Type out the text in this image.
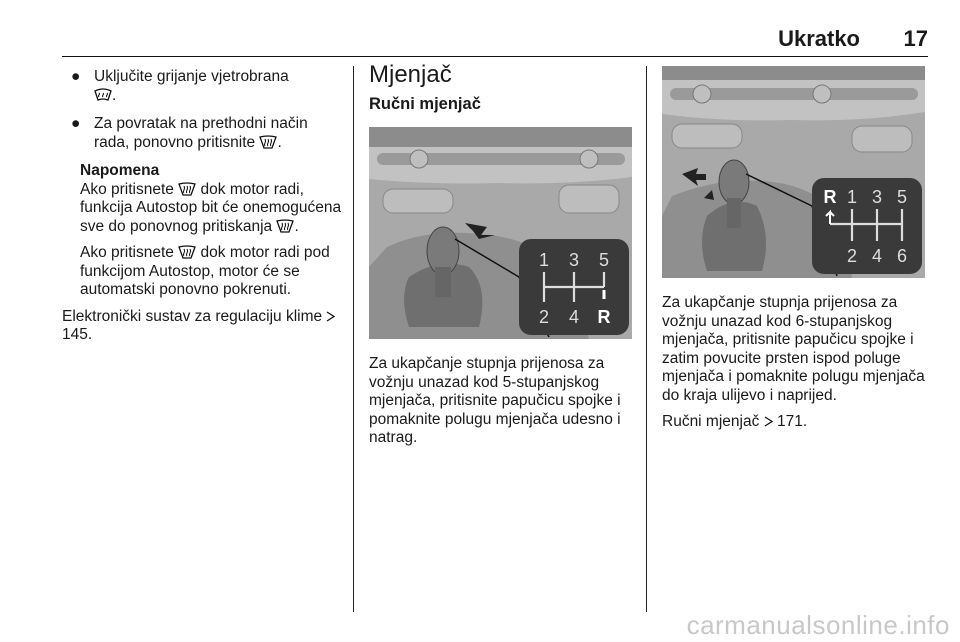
Ukratko	17
● Uključite grijanje vjetrobrana
.
● Za povratak na prethodni način rada, ponovno pritisnite .
Napomena
Ako pritisnete dok motor radi, funkcija Autostop bit će onemogućena sve do ponovnog pritiskanja .
Ako pritisnete dok motor radi pod funkcijom Autostop, motor će se automatski ponovno pokrenuti.
Elektronički sustav za regulaciju klime  145.
Mjenjač
Ručni mjenjač
1 3 5
2 4 R
Za ukapčanje stupnja prijenosa za vožnju unazad kod 5-stupanjskog mjenjača, pritisnite papučicu spojke i pomaknite polugu mjenjača udesno i natrag.
R 1 3 5
2 4 6
Za ukapčanje stupnja prijenosa za vožnju unazad kod 6-stupanjskog mjenjača, pritisnite papučicu spojke i zatim povucite prsten ispod poluge mjenjača i pomaknite polugu mjenjača do kraja ulijevo i naprijed.
Ručni mjenjač 171.
carmanualsonline.info
